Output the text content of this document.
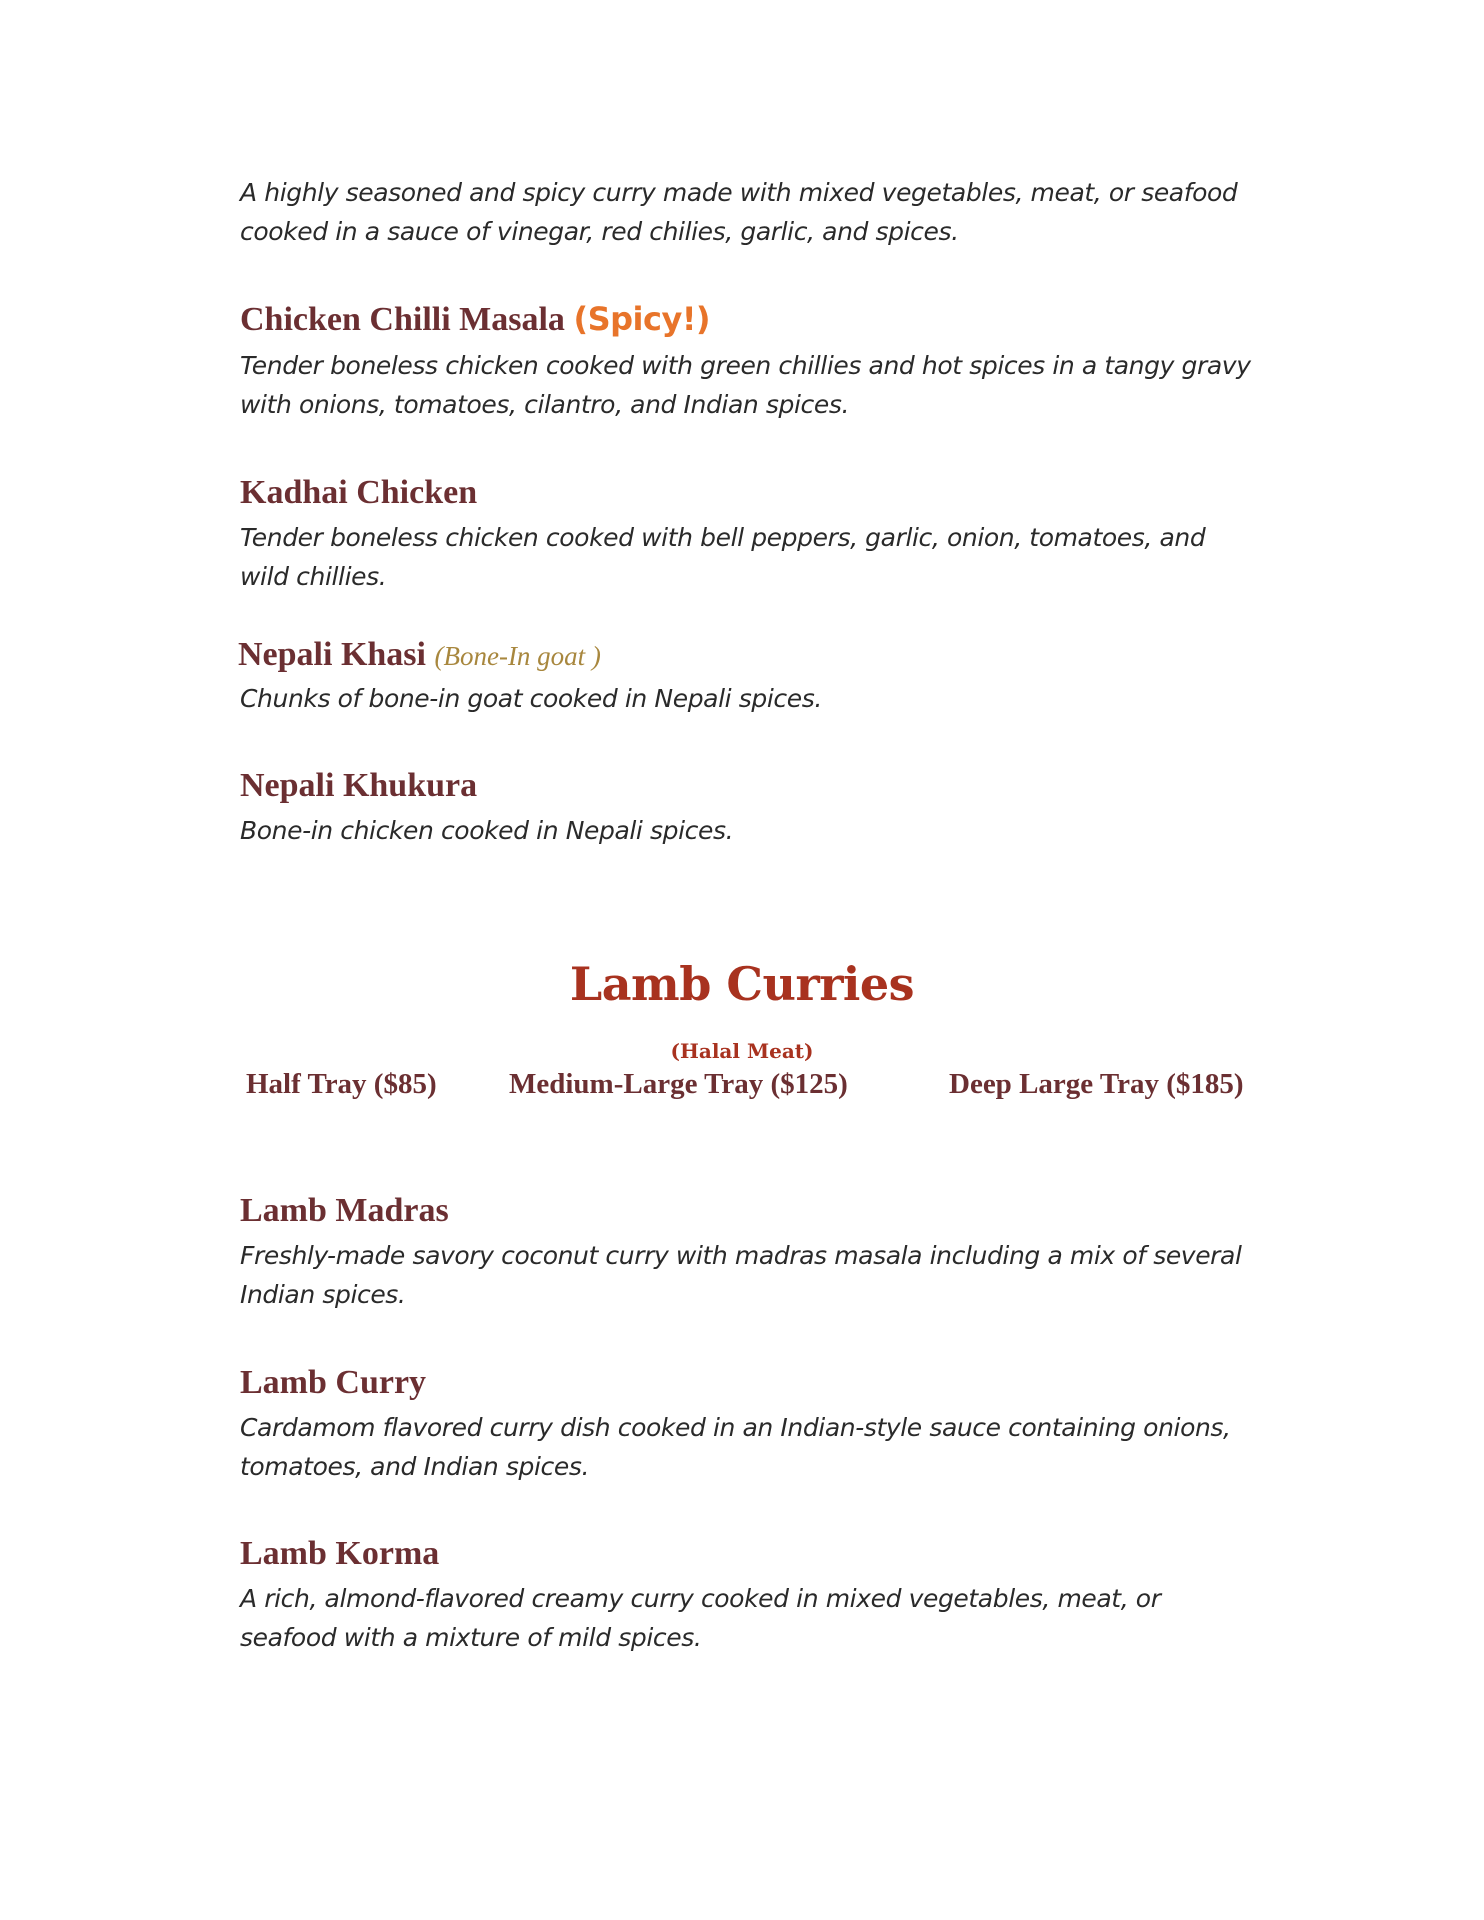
A highly seasoned and spicy curry made with mixed vegetables, meat, or seafood cooked in a sauce of vinegar, red chilies, garlic, and spices.

Chicken Chilli Masala (Spicy!)

Tender boneless chicken cooked with green chillies and hot spices in a tangy gravy with onions, tomatoes, cilantro, and Indian spices.

Kadhai Chicken

Tender boneless chicken cooked with bell peppers, garlic, onion, tomatoes, and wild chillies.

Nepali Khasi (Bone-In goat )

Chunks of bone-in goat cooked in Nepali spices.

Nepali Khukura

Bone-in chicken cooked in Nepali spices.

Lamb Curries

(Halal Meat)

Half Tray ($85) Medium-Large Tray ($125)	Deep Large Tray ($185)

Lamb Madras

Freshly-made savory coconut curry with madras masala including a mix of several Indian spices.

Lamb Curry

Cardamom flavored curry dish cooked in an Indian-style sauce containing onions, tomatoes, and Indian spices.

Lamb Korma

A rich, almond-flavored creamy curry cooked in mixed vegetables, meat, or seafood with a mixture of mild spices.
